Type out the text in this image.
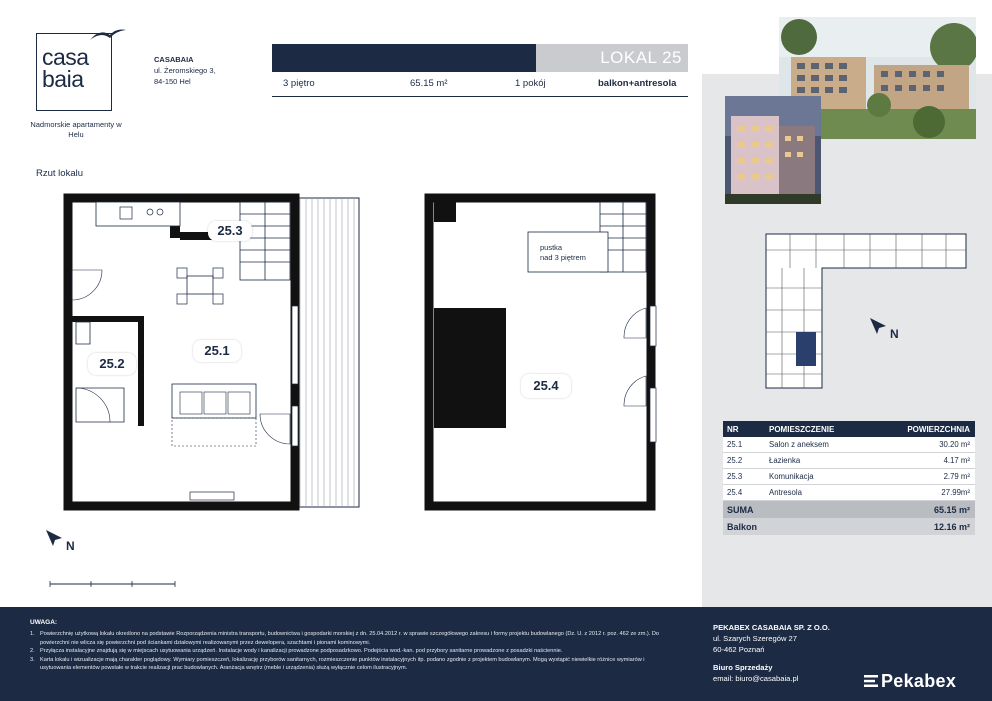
casa
baia
Nadmorskie apartamenty w Helu
CASABAIA
ul. Żeromskiego 3,
84-150 Hel
LOKAL 25
3 piętro	65.15 m²	1 pokój	balkon+antresola
Rzut lokalu
25.3
25.1
25.2
pustka
nad 3 piętrem
25.4
N
N
NR	POMIESZCZENIE	POWIERZCHNIA
25.1	Salon z aneksem	30.20 m²
25.2	Łazienka	4.17 m²
25.3	Komunikacja	2.79 m²
25.4	Antresola	27.99m²
SUMA	65.15 m²
Balkon	12.16 m²
UWAGA:
1. Powierzchnię użytkową lokalu określono na podstawie Rozporządzenia ministra transportu, budownictwa i gospodarki morskiej z dn. 25.04.2012 r. w sprawie szczegółowego zakresu i formy projektu budowlanego (Dz. U. z 2012 r. poz. 462 ze zm.). Do powierzchni nie wlicza się powierzchni pod ściankami działowymi realizowanymi przez dewelopera, szachtami i pionami kominowymi.
2. Przyłącza instalacyjne znajdują się w miejscach usytuowania urządzeń. Instalacje wody i kanalizacji prowadzone podposadzkowo. Podejścia wod.-kan. pod przybory sanitarne prowadzone z posadzki naściennie.
3. Karta lokalu i wizualizacje mają charakter poglądowy. Wymiary pomieszczeń, lokalizację przyborów sanitarnych, rozmieszczenie punktów instalacyjnych itp. podano zgodnie z projektem budowlanym. Mogą wystąpić niewielkie różnice wymiarów i usytuowania elementów powstałe w trakcie realizacji prac budowlanych. Aranżacja wnętrz (meble i urządzenia) służą wyłącznie celom ilustracyjnym.
PEKABEX CASABAIA SP. Z O.O.
ul. Szarych Szeregów 27
60-462 Poznań
Biuro Sprzedaży
email: biuro@casabaia.pl	Pekabex
